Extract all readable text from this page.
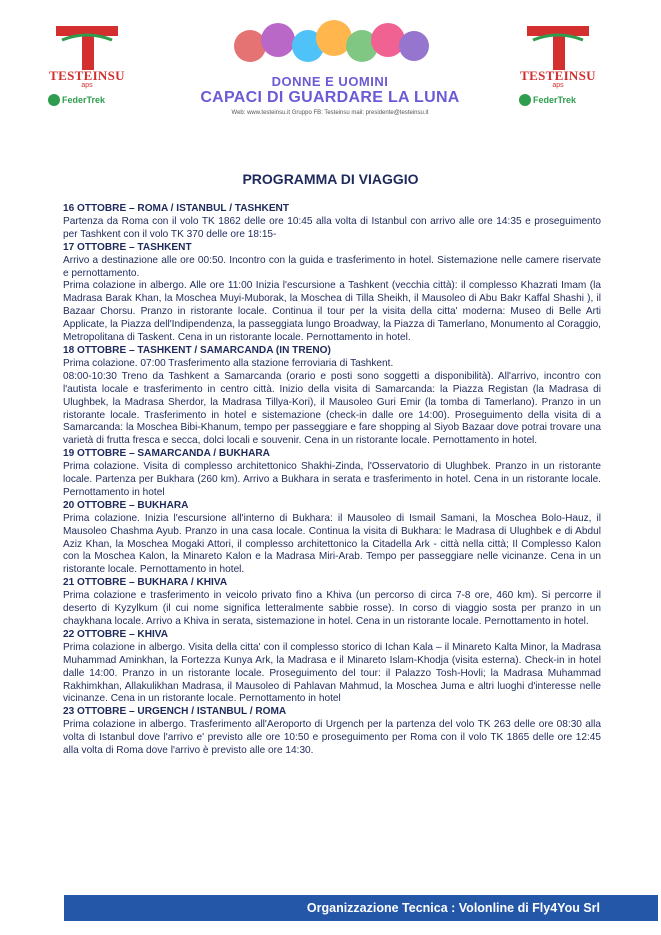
TESTEINSU
aps
FederTrek
DONNE E UOMINI
CAPACI DI GUARDARE LA LUNA
Web: www.testeinsu.it Gruppo FB: Testeinsu mail: presidente@testeinsu.it
TESTEINSU
aps
FederTrek
PROGRAMMA DI VIAGGIO
16 OTTOBRE – ROMA / ISTANBUL / TASHKENT
Partenza da Roma con il volo TK 1862 delle ore 10:45 alla volta di Istanbul con arrivo alle ore 14:35 e proseguimento per Tashkent con il volo TK 370 delle ore 18:15-
17 OTTOBRE – TASHKENT
Arrivo a destinazione alle ore 00:50. Incontro con la guida e trasferimento in hotel. Sistemazione nelle camere riservate e pernottamento.
Prima colazione in albergo. Alle ore 11:00 Inizia l'escursione a Tashkent (vecchia città): il complesso Khazrati Imam (la Madrasa Barak Khan, la Moschea Muyi-Muborak, la Moschea di Tilla Sheikh, il Mausoleo di Abu Bakr Kaffal Shashi ), il Bazaar Chorsu. Pranzo in ristorante locale. Continua il tour per la visita della citta' moderna: Museo di Belle Arti Applicate, la Piazza dell'Indipendenza, la passeggiata lungo Broadway, la Piazza di Tamerlano, Monumento al Coraggio, Metropolitana di Taskent. Cena in un ristorante locale. Pernottamento in hotel.
18 OTTOBRE – TASHKENT / SAMARCANDA (IN TRENO)
Prima colazione. 07:00 Trasferimento alla stazione ferroviaria di Tashkent.
08:00-10:30 Treno da Tashkent a Samarcanda (orario e posti sono soggetti a disponibilità). All'arrivo, incontro con l'autista locale e trasferimento in centro città. Inizio della visita di Samarcanda: la Piazza Registan (la Madrasa di Ulughbek, la Madrasa Sherdor, la Madrasa Tillya-Kori), il Mausoleo Guri Emir (la tomba di Tamerlano). Pranzo in un ristorante locale. Trasferimento in hotel e sistemazione (check-in dalle ore 14:00). Proseguimento della visita di a Samarcanda: la Moschea Bibi-Khanum, tempo per passeggiare e fare shopping al Siyob Bazaar dove potrai trovare una varietà di frutta fresca e secca, dolci locali e souvenir. Cena in un ristorante locale. Pernottamento in hotel.
19 OTTOBRE – SAMARCANDA / BUKHARA
Prima colazione. Visita di complesso architettonico Shakhi-Zinda, l'Osservatorio di Ulughbek. Pranzo in un ristorante locale. Partenza per Bukhara (260 km). Arrivo a Bukhara in serata e trasferimento in hotel. Cena in un ristorante locale. Pernottamento in hotel
20 OTTOBRE – BUKHARA
Prima colazione. Inizia l'escursione all'interno di Bukhara: il Mausoleo di Ismail Samani, la Moschea Bolo-Hauz, il Mausoleo Chashma Ayub. Pranzo in una casa locale. Continua la visita di Bukhara: le Madrasa di Ulughbek e di Abdul Aziz Khan, la Moschea Mogaki Attori, il complesso architettonico la Citadella Ark - città nella città; Il Complesso Kalon con la Moschea Kalon, la Minareto Kalon e la Madrasa Miri-Arab. Tempo per passeggiare nelle vicinanze. Cena in un ristorante locale. Pernottamento in hotel.
21 OTTOBRE – BUKHARA / KHIVA
Prima colazione e trasferimento in veicolo privato fino a Khiva (un percorso di circa 7-8 ore, 460 km). Si percorre il deserto di Kyzylkum (il cui nome significa letteralmente sabbie rosse). In corso di viaggio sosta per pranzo in un chaykhana locale. Arrivo a Khiva in serata, sistemazione in hotel. Cena in un ristorante locale. Pernottamento in hotel.
22 OTTOBRE – KHIVA
Prima colazione in albergo. Visita della citta' con il complesso storico di Ichan Kala – il Minareto Kalta Minor, la Madrasa Muhammad Aminkhan, la Fortezza Kunya Ark, la Madrasa e il Minareto Islam-Khodja (visita esterna). Check-in in hotel dalle 14:00. Pranzo in un ristorante locale. Proseguimento del tour: il Palazzo Tosh-Hovli; la Madrasa Muhammad Rakhimkhan, Allakulikhan Madrasa, il Mausoleo di Pahlavan Mahmud, la Moschea Juma e altri luoghi d'interesse nelle vicinanze. Cena in un ristorante locale. Pernottamento in hotel
23 OTTOBRE – URGENCH / ISTANBUL / ROMA
Prima colazione in albergo. Trasferimento all'Aeroporto di Urgench per la partenza del volo TK 263 delle ore 08:30 alla volta di Istanbul dove l'arrivo e' previsto alle ore 10:50 e proseguimento per Roma con il volo TK 1865 delle ore 12:45 alla volta di Roma dove l'arrivo è previsto alle ore 14:30.
Organizzazione Tecnica : Volonline di Fly4You Srl
